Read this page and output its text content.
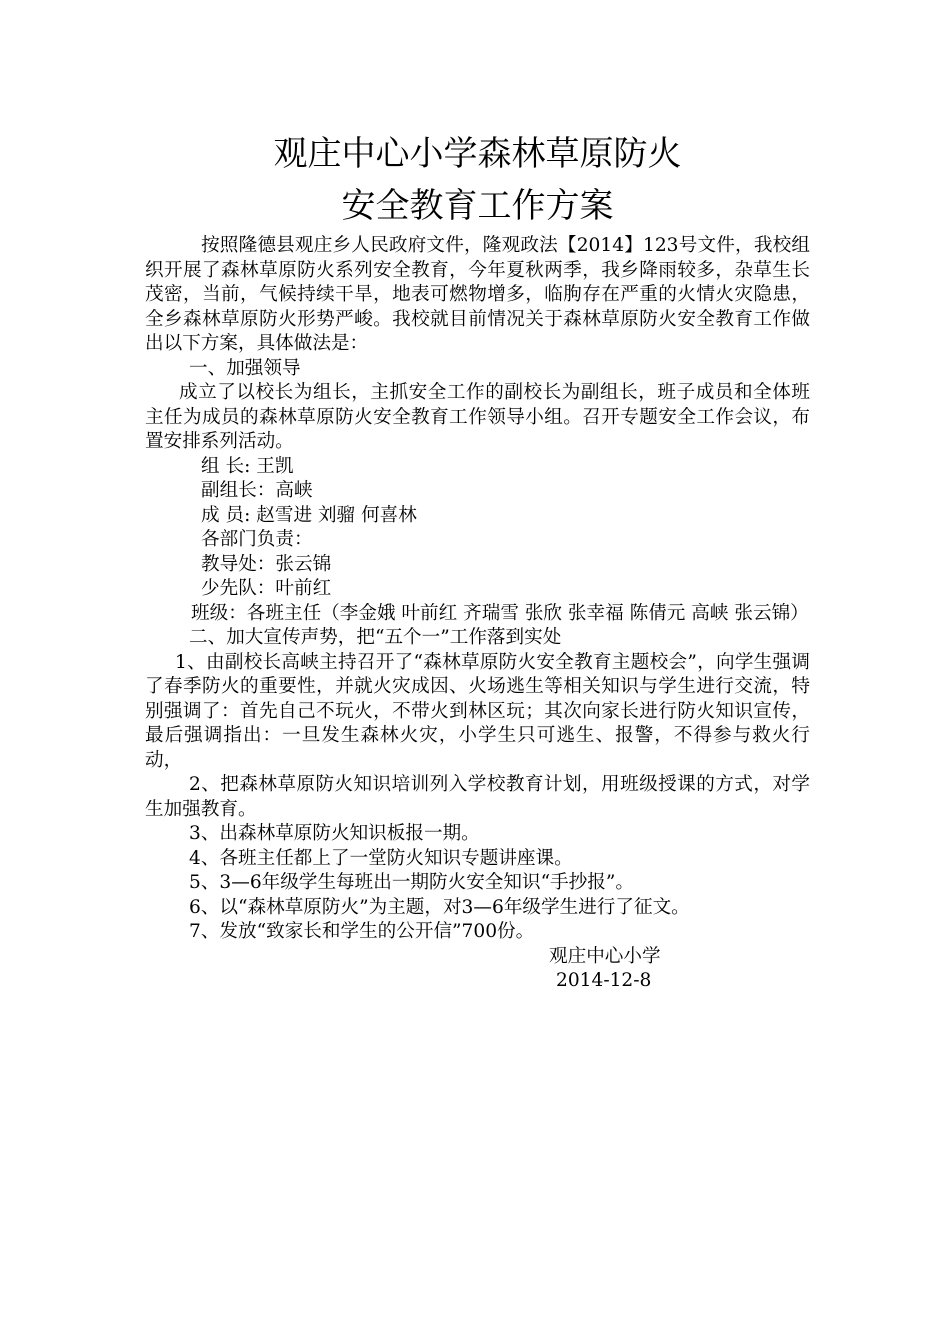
观庄中心小学森林草原防火
安全教育工作方案

按照隆德县观庄乡人民政府文件，隆观政法【2014】123号文件，我校组织开展了森林草原防火系列安全教育，今年夏秋两季，我乡降雨较多，杂草生长茂密，当前，气候持续干旱，地表可燃物增多，临朐存在严重的火情火灾隐患，全乡森林草原防火形势严峻。我校就目前情况关于森林草原防火安全教育工作做出以下方案，具体做法是：

一、加强领导

成立了以校长为组长，主抓安全工作的副校长为副组长，班子成员和全体班主任为成员的森林草原防火安全教育工作领导小组。召开专题安全工作会议，布置安排系列活动。

组 长: 王凯

副组长：高峡

成 员: 赵雪进 刘骝 何喜林

各部门负责：

教导处：张云锦

少先队：叶前红

班级：各班主任（李金娥 叶前红 齐瑞雪 张欣 张幸福 陈倩元 高峡 张云锦）

二、加大宣传声势，把“五个一”工作落到实处

1、由副校长高峡主持召开了“森林草原防火安全教育主题校会”，向学生强调了春季防火的重要性，并就火灾成因、火场逃生等相关知识与学生进行交流，特别强调了：首先自己不玩火，不带火到林区玩；其次向家长进行防火知识宣传，最后强调指出：一旦发生森林火灾，小学生只可逃生、报警，不得参与救火行动，

2、把森林草原防火知识培训列入学校教育计划，用班级授课的方式，对学生加强教育。

3、出森林草原防火知识板报一期。

4、各班主任都上了一堂防火知识专题讲座课。

5、3—6年级学生每班出一期防火安全知识“手抄报”。

6、以“森林草原防火”为主题，对3—6年级学生进行了征文。

7、发放“致家长和学生的公开信”700份。

观庄中心小学

2014-12-8
